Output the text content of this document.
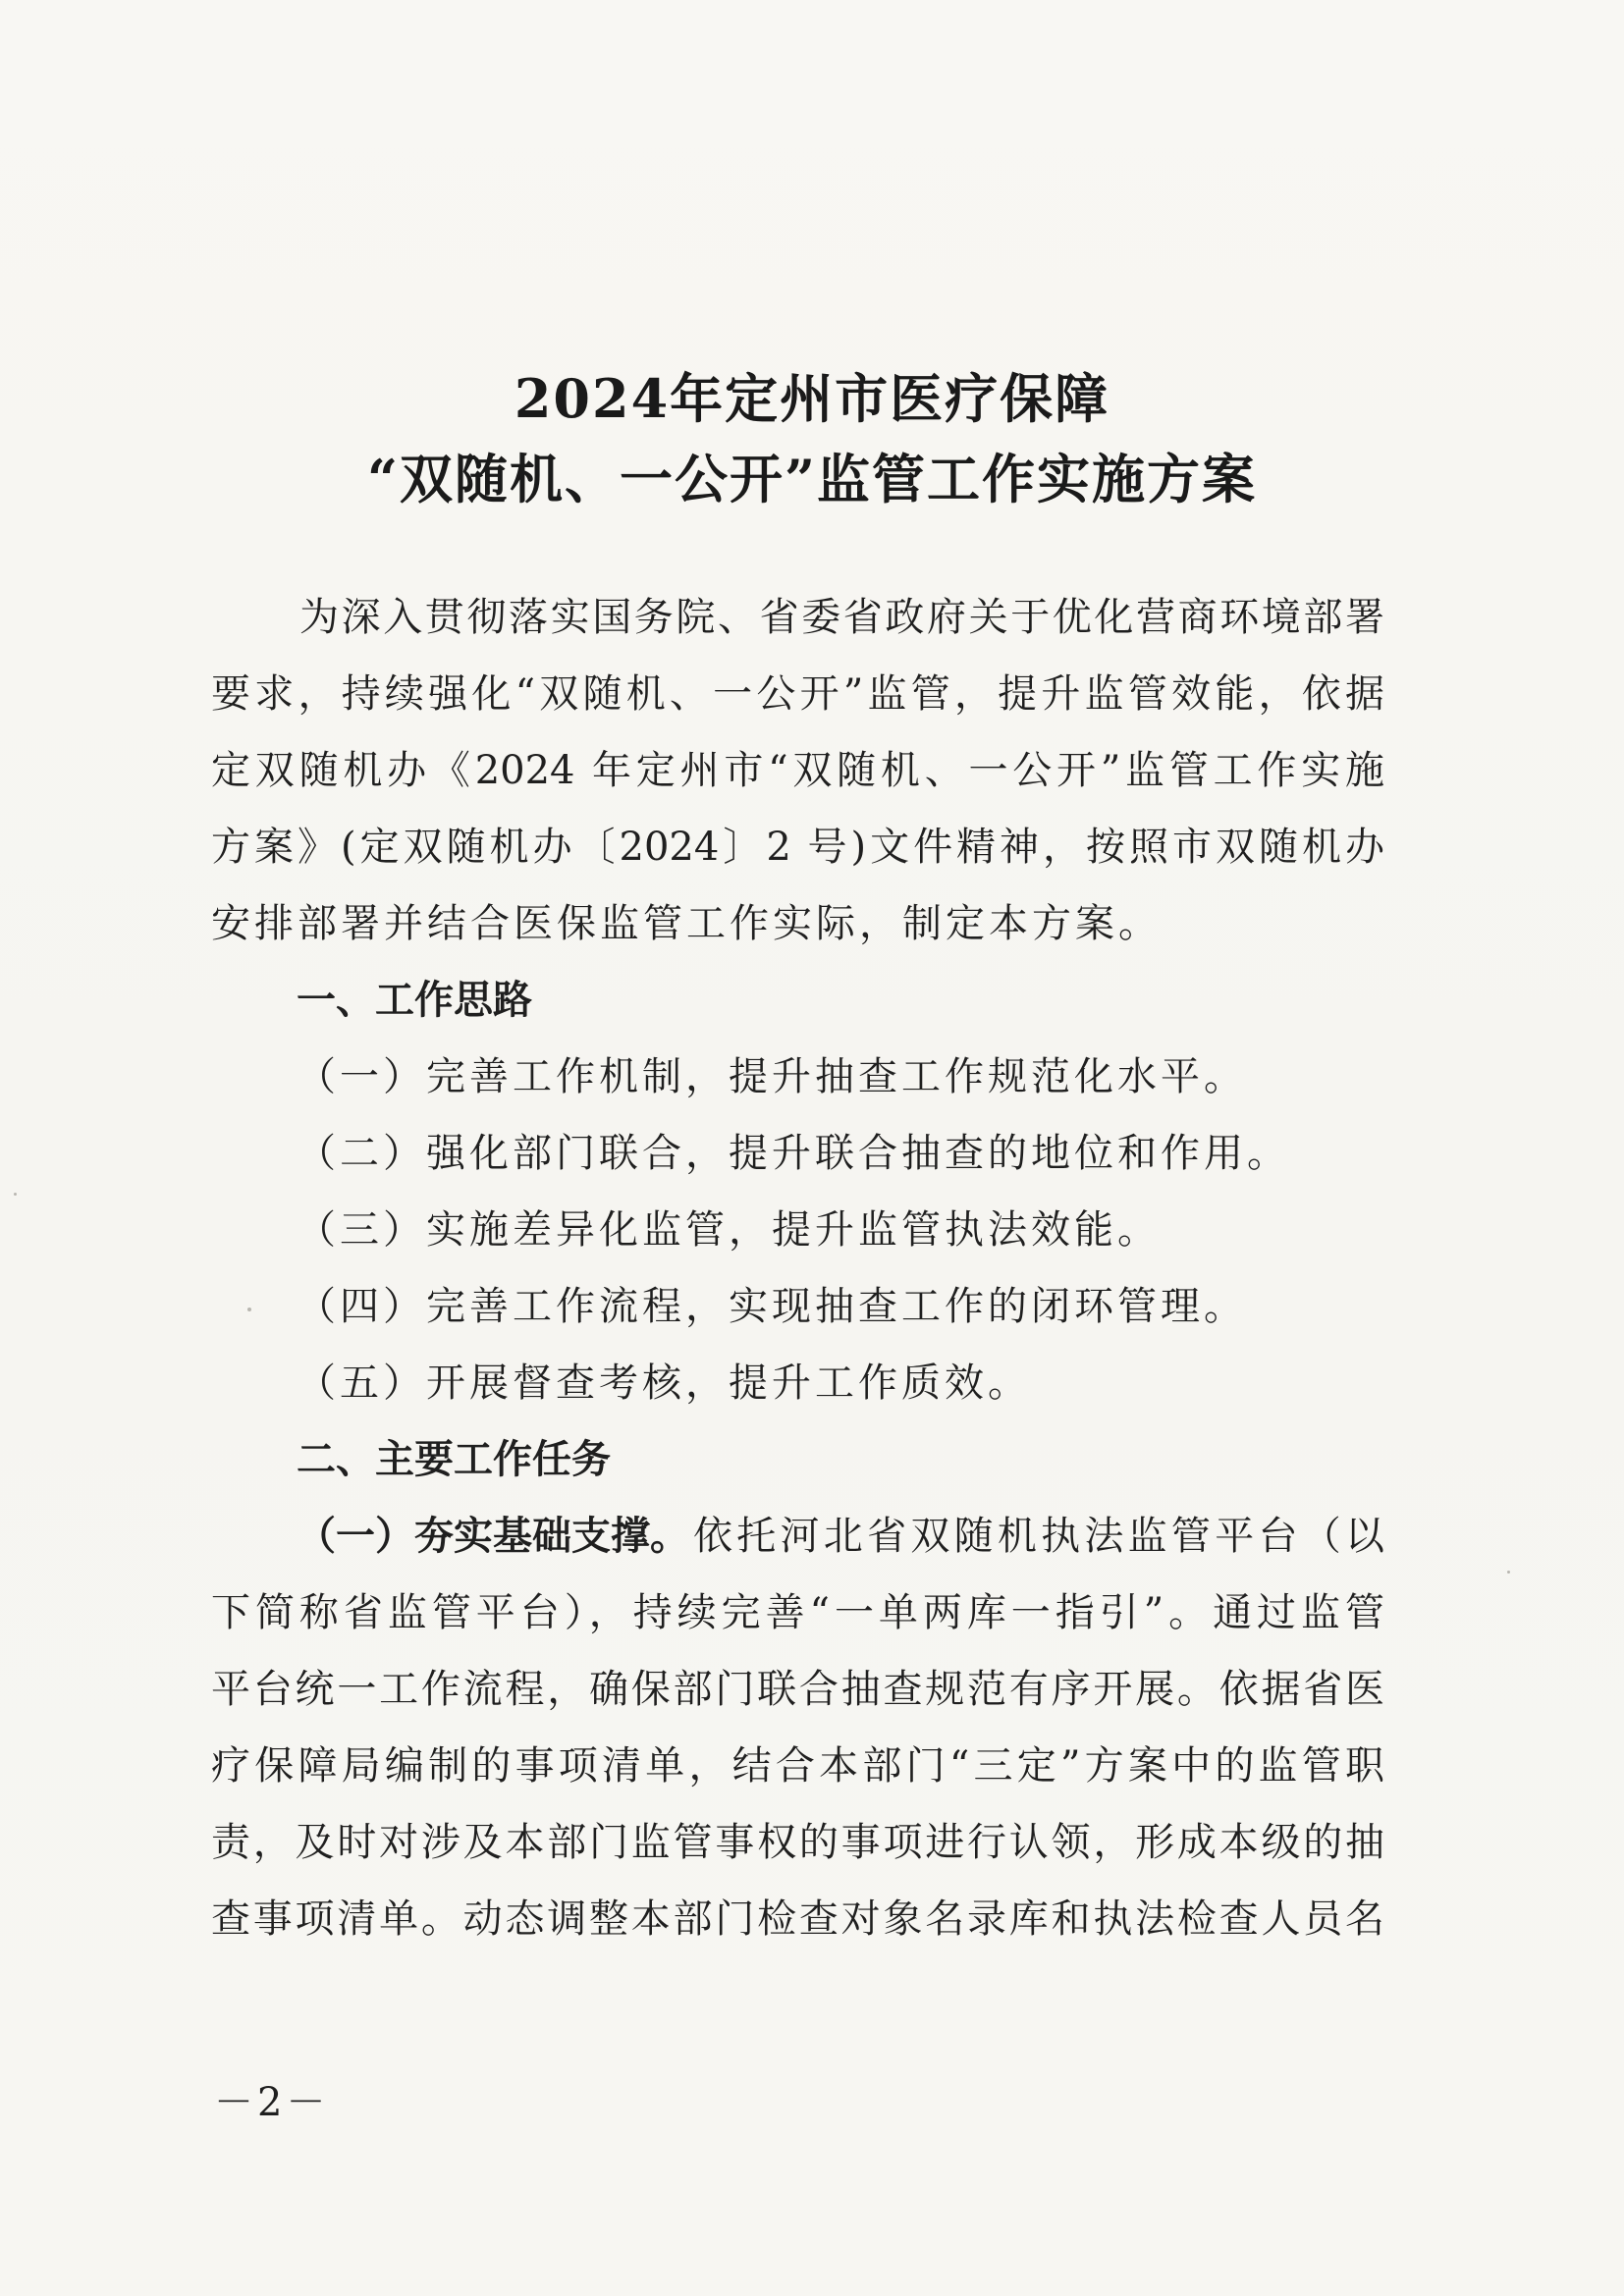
2024年定州市医疗保障
“双随机、一公开”监管工作实施方案
为深入贯彻落实国务院、省委省政府关于优化营商环境部署
要求，持续强化“双随机、一公开”监管，提升监管效能，依据
定双随机办《2024 年定州市“双随机、一公开”监管工作实施
方案》(定双随机办〔2024〕2 号)文件精神，按照市双随机办
安排部署并结合医保监管工作实际，制定本方案。
一、工作思路
（一）完善工作机制，提升抽查工作规范化水平。
（二）强化部门联合，提升联合抽查的地位和作用。
（三）实施差异化监管，提升监管执法效能。
（四）完善工作流程，实现抽查工作的闭环管理。
（五）开展督查考核，提升工作质效。
二、主要工作任务
（一）夯实基础支撑。 依托河北省双随机执法监管平台（以
下简称省监管平台），持续完善“一单两库一指引”。通过监管
平台统一工作流程，确保部门联合抽查规范有序开展。依据省医
疗保障局编制的事项清单，结合本部门“三定”方案中的监管职
责，及时对涉及本部门监管事权的事项进行认领，形成本级的抽
查事项清单。动态调整本部门检查对象名录库和执法检查人员名
－2－
